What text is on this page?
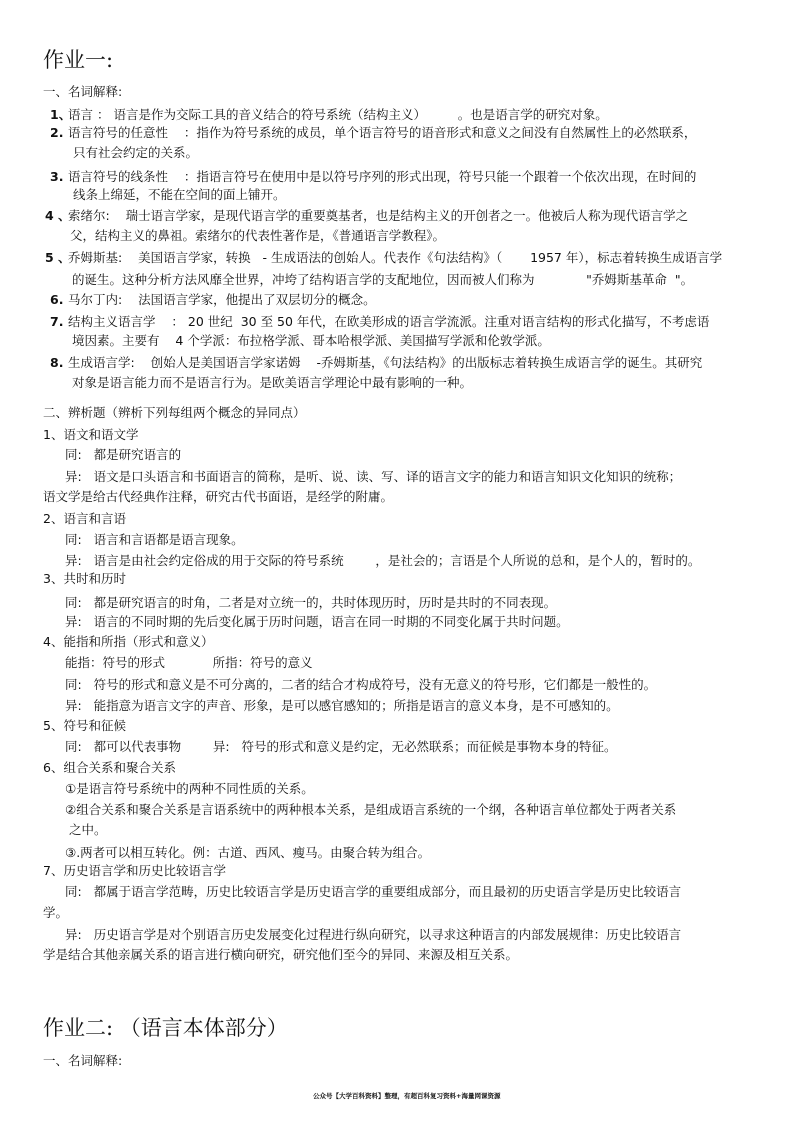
作业一:
一、名词解释:
1、语言 ： 语言是作为交际工具的音义结合的符号系统（结构主义）        。也是语言学的研究对象。
2. 语言符号的任意性    ：指作为符号系统的成员，单个语言符号的语音形式和意义之间没有自然属性上的必然联系，
只有社会约定的关系。
3. 语言符号的线条性    ：指语言符号在使用中是以符号序列的形式出现，符号只能一个跟着一个依次出现，在时间的
线条上绵延，不能在空间的面上铺开。
4 、索绪尔:    瑞士语言学家，是现代语言学的重要奠基者，也是结构主义的开创者之一。他被后人称为现代语言学之
父，结构主义的鼻祖。索绪尔的代表性著作是，《普通语言学教程》。
5 、乔姆斯基:    美国语言学家，转换   - 生成语法的创始人。代表作《句法结构》（       1957 年），标志着转换生成语言学
的诞生。这种分析方法风靡全世界，冲垮了结构语言学的支配地位，因而被人们称为             "乔姆斯基革命  "。
6. 马尔丁内:    法国语言学家，他提出了双层切分的概念。
7. 结构主义语言学    ： 20 世纪  30 至 50 年代，在欧美形成的语言学流派。注重对语言结构的形式化描写，不考虑语
境因素。主要有    4 个学派：布拉格学派、哥本哈根学派、美国描写学派和伦敦学派。
8. 生成语言学:    创始人是美国语言学家诺姆    -乔姆斯基，《句法结构》的出版标志着转换生成语言学的诞生。其研究
对象是语言能力而不是语言行为。是欧美语言学理论中最有影响的一种。
二、辨析题（辨析下列每组两个概念的异同点）
1、语文和语文学
同:   都是研究语言的
异:   语文是口头语言和书面语言的简称，是听、说、读、写、译的语言文字的能力和语言知识文化知识的统称；
语文学是给古代经典作注释，研究古代书面语，是经学的附庸。
2、语言和言语
同:   语言和言语都是语言现象。
异:   语言是由社会约定俗成的用于交际的符号系统        ，是社会的；言语是个人所说的总和，是个人的，暂时的。
3、共时和历时
同:   都是研究语言的时角，二者是对立统一的，共时体现历时，历时是共时的不同表现。
异:   语言的不同时期的先后变化属于历时问题，语言在同一时期的不同变化属于共时问题。
4、能指和所指（形式和意义）
能指：符号的形式            所指：符号的意义
同:   符号的形式和意义是不可分离的，二者的结合才构成符号，没有无意义的符号形，它们都是一般性的。
异:   能指意为语言文字的声音、形象，是可以感官感知的；所指是语言的意义本身，是不可感知的。
5、符号和征候
同:   都可以代表事物        异:   符号的形式和意义是约定，无必然联系；而征候是事物本身的特征。
6、组合关系和聚合关系
①是语言符号系统中的两种不同性质的关系。
②组合关系和聚合关系是言语系统中的两种根本关系，是组成语言系统的一个纲，各种语言单位都处于两者关系
之中。
③.两者可以相互转化。例：古道、西风、瘦马。由聚合转为组合。
7、历史语言学和历史比较语言学
同:   都属于语言学范畴，历史比较语言学是历史语言学的重要组成部分，而且最初的历史语言学是历史比较语言
学。
异:   历史语言学是对个别语言历史发展变化过程进行纵向研究，以寻求这种语言的内部发展规律：历史比较语言
学是结合其他亲属关系的语言进行横向研究，研究他们至今的异同、来源及相互关系。
作业二: （语言本体部分）
一、名词解释:
公众号【大学百科资料】整理，有超百科复习资料+海量网课资源
